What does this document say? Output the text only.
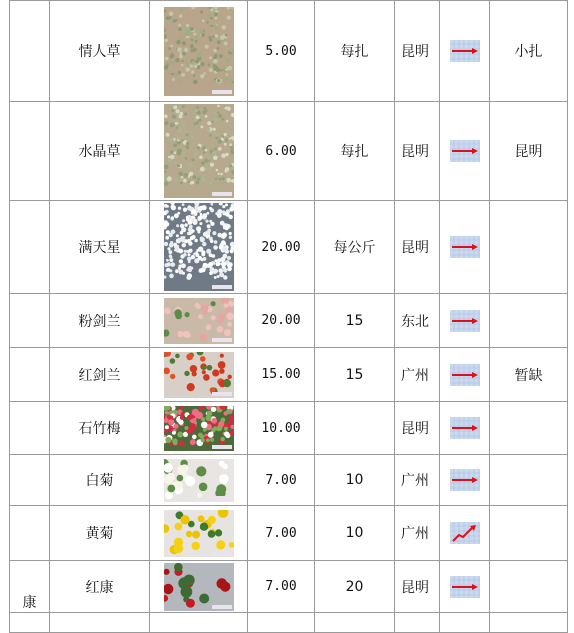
	情人草		5.00	每扎	昆明		小扎
	水晶草		6.00	每扎	昆明		昆明
	满天星		20.00	每公斤	昆明		
	粉剑兰		20.00	15	东北		
	红剑兰		15.00	15	广州		暂缺
	石竹梅		10.00		昆明		
	白菊		7.00	10	广州		
	黄菊		7.00	10	广州		
康	红康		7.00	20	昆明		
